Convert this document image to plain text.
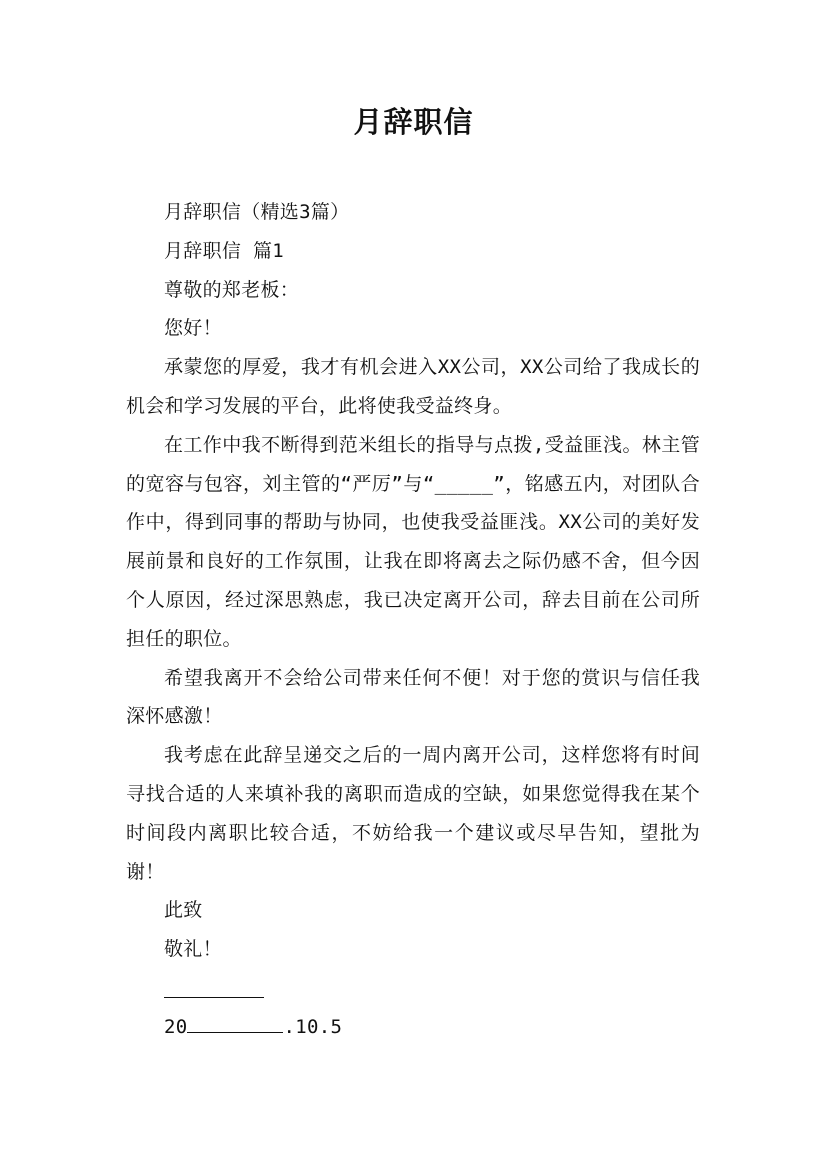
月辞职信

月辞职信（精选3篇）

月辞职信 篇1

尊敬的郑老板：

您好！

承蒙您的厚爱，我才有机会进入XX公司，XX公司给了我成长的机会和学习发展的平台，此将使我受益终身。

在工作中我不断得到范米组长的指导与点拨,受益匪浅。林主管的宽容与包容，刘主管的“严厉”与“_____”，铭感五内，对团队合作中，得到同事的帮助与协同，也使我受益匪浅。XX公司的美好发展前景和良好的工作氛围，让我在即将离去之际仍感不舍，但今因个人原因，经过深思熟虑，我已决定离开公司，辞去目前在公司所担任的职位。

希望我离开不会给公司带来任何不便！对于您的赏识与信任我深怀感激！

我考虑在此辞呈递交之后的一周内离开公司，这样您将有时间寻找合适的人来填补我的离职而造成的空缺，如果您觉得我在某个时间段内离职比较合适，不妨给我一个建议或尽早告知，望批为谢！

此致

敬礼！

20	.10.5
